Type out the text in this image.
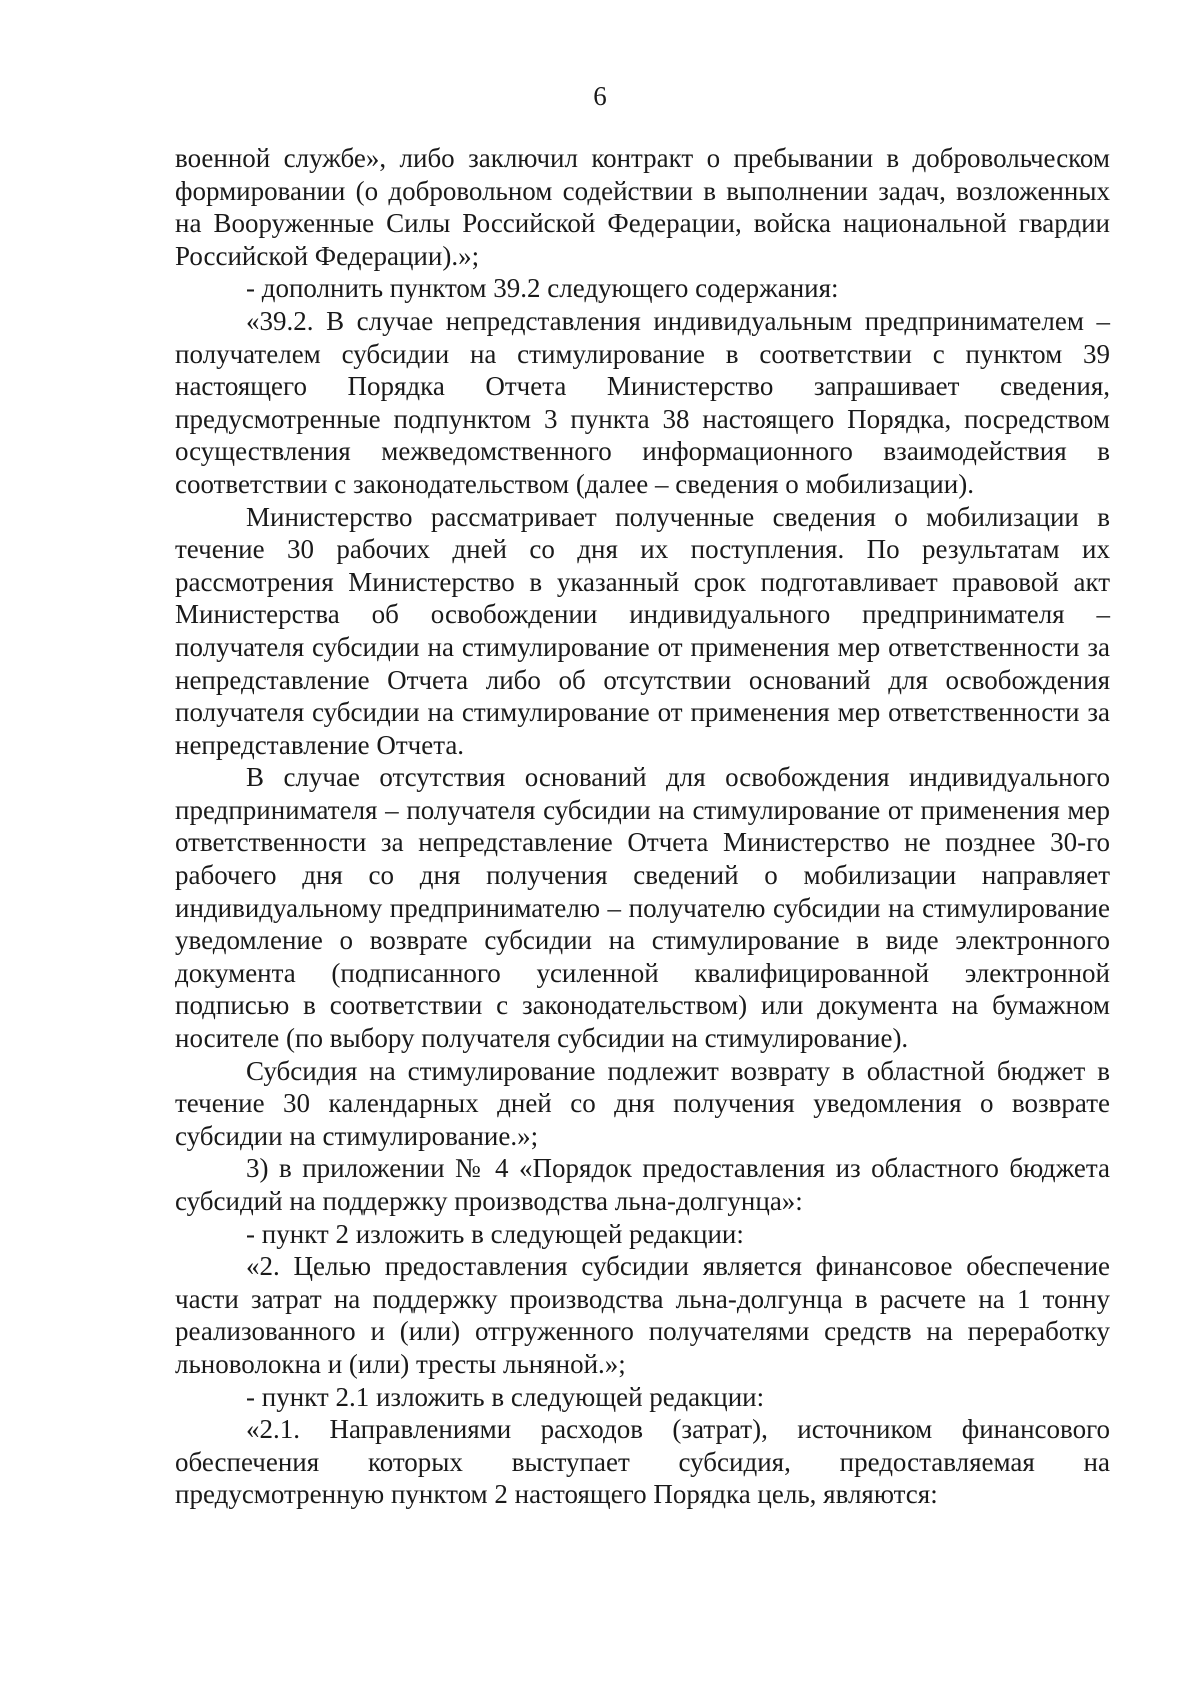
6

военной службе», либо заключил контракт о пребывании в добровольческом формировании (о добровольном содействии в выполнении задач, возложенных на Вооруженные Силы Российской Федерации, войска национальной гвардии Российской Федерации).»;

- дополнить пунктом 39.2 следующего содержания:

«39.2. В случае непредставления индивидуальным предпринимателем – получателем субсидии на стимулирование в соответствии с пунктом 39 настоящего Порядка Отчета Министерство запрашивает сведения, предусмотренные подпунктом 3 пункта 38 настоящего Порядка, посредством осуществления межведомственного информационного взаимодействия в соответствии с законодательством (далее – сведения о мобилизации).

Министерство рассматривает полученные сведения о мобилизации в течение 30 рабочих дней со дня их поступления. По результатам их рассмотрения Министерство в указанный срок подготавливает правовой акт Министерства об освобождении индивидуального предпринимателя – получателя субсидии на стимулирование от применения мер ответственности за непредставление Отчета либо об отсутствии оснований для освобождения получателя субсидии на стимулирование от применения мер ответственности за непредставление Отчета.

В случае отсутствия оснований для освобождения индивидуального предпринимателя – получателя субсидии на стимулирование от применения мер ответственности за непредставление Отчета Министерство не позднее 30-го рабочего дня со дня получения сведений о мобилизации направляет индивидуальному предпринимателю – получателю субсидии на стимулирование уведомление о возврате субсидии на стимулирование в виде электронного документа (подписанного усиленной квалифицированной электронной подписью в соответствии с законодательством) или документа на бумажном носителе (по выбору получателя субсидии на стимулирование).

Субсидия на стимулирование подлежит возврату в областной бюджет в течение 30 календарных дней со дня получения уведомления о возврате субсидии на стимулирование.»;

3) в приложении № 4 «Порядок предоставления из областного бюджета субсидий на поддержку производства льна-долгунца»:

- пункт 2 изложить в следующей редакции:

«2. Целью предоставления субсидии является финансовое обеспечение части затрат на поддержку производства льна-долгунца в расчете на 1 тонну реализованного и (или) отгруженного получателями средств на переработку льноволокна и (или) тресты льняной.»;

- пункт 2.1 изложить в следующей редакции:

«2.1. Направлениями расходов (затрат), источником финансового обеспечения которых выступает субсидия, предоставляемая на предусмотренную пунктом 2 настоящего Порядка цель, являются:
